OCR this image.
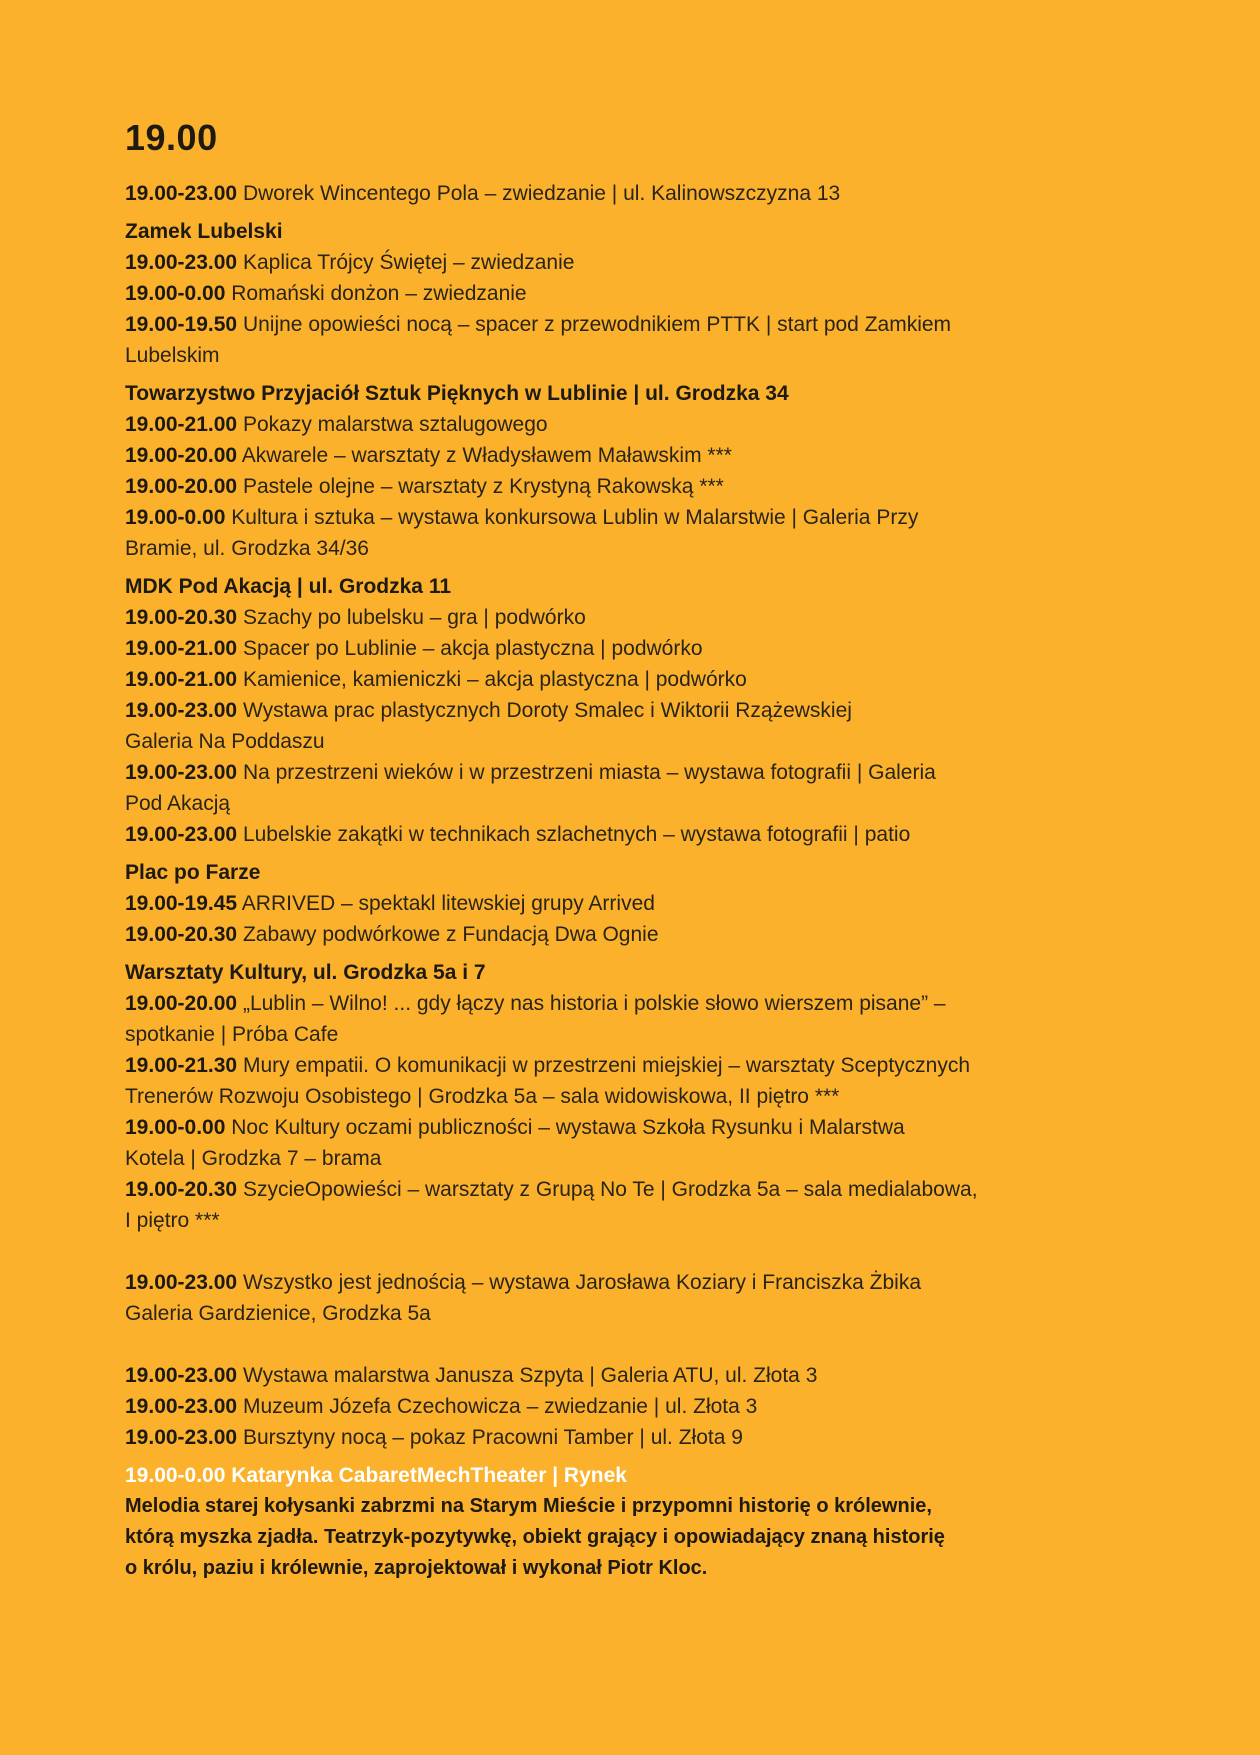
19.00
19.00-23.00 Dworek Wincentego Pola – zwiedzanie | ul. Kalinowszczyzna 13
Zamek Lubelski
19.00-23.00 Kaplica Trójcy Świętej – zwiedzanie
19.00-0.00 Romański donżon – zwiedzanie
19.00-19.50 Unijne opowieści nocą – spacer z przewodnikiem PTTK | start pod Zamkiem
Lubelskim
Towarzystwo Przyjaciół Sztuk Pięknych w Lublinie | ul. Grodzka 34
19.00-21.00 Pokazy malarstwa sztalugowego
19.00-20.00 Akwarele – warsztaty z Władysławem Maławskim ***
19.00-20.00 Pastele olejne – warsztaty z Krystyną Rakowską ***
19.00-0.00 Kultura i sztuka – wystawa konkursowa Lublin w Malarstwie | Galeria Przy
Bramie, ul. Grodzka 34/36
MDK Pod Akacją | ul. Grodzka 11
19.00-20.30 Szachy po lubelsku – gra | podwórko
19.00-21.00 Spacer po Lublinie – akcja plastyczna | podwórko
19.00-21.00 Kamienice, kamieniczki – akcja plastyczna | podwórko
19.00-23.00 Wystawa prac plastycznych Doroty Smalec i Wiktorii Rzążewskiej
Galeria Na Poddaszu
19.00-23.00 Na przestrzeni wieków i w przestrzeni miasta – wystawa fotografii | Galeria
Pod Akacją
19.00-23.00 Lubelskie zakątki w technikach szlachetnych – wystawa fotografii | patio
Plac po Farze
19.00-19.45 ARRIVED – spektakl litewskiej grupy Arrived
19.00-20.30 Zabawy podwórkowe z Fundacją Dwa Ognie
Warsztaty Kultury, ul. Grodzka 5a i 7
19.00-20.00 „Lublin – Wilno! ... gdy łączy nas historia i polskie słowo wierszem pisane” –
spotkanie | Próba Cafe
19.00-21.30 Mury empatii. O komunikacji w przestrzeni miejskiej – warsztaty Sceptycznych
Trenerów Rozwoju Osobistego | Grodzka 5a – sala widowiskowa, II piętro ***
19.00-0.00 Noc Kultury oczami publiczności – wystawa Szkoła Rysunku i Malarstwa
Kotela | Grodzka 7 – brama
19.00-20.30 SzycieOpowieści – warsztaty z Grupą No Te | Grodzka 5a – sala medialabowa,
I piętro ***
19.00-23.00 Wszystko jest jednością – wystawa Jarosława Koziary i Franciszka Żbika
Galeria Gardzienice, Grodzka 5a
19.00-23.00 Wystawa malarstwa Janusza Szpyta | Galeria ATU, ul. Złota 3
19.00-23.00 Muzeum Józefa Czechowicza – zwiedzanie | ul. Złota 3
19.00-23.00 Bursztyny nocą – pokaz Pracowni Tamber | ul. Złota 9
19.00-0.00 Katarynka CabaretMechTheater | Rynek
Melodia starej kołysanki zabrzmi na Starym Mieście i przypomni historię o królewnie,
którą myszka zjadła. Teatrzyk-pozytywkę, obiekt grający i opowiadający znaną historię
o królu, paziu i królewnie, zaprojektował i wykonał Piotr Kloc.
